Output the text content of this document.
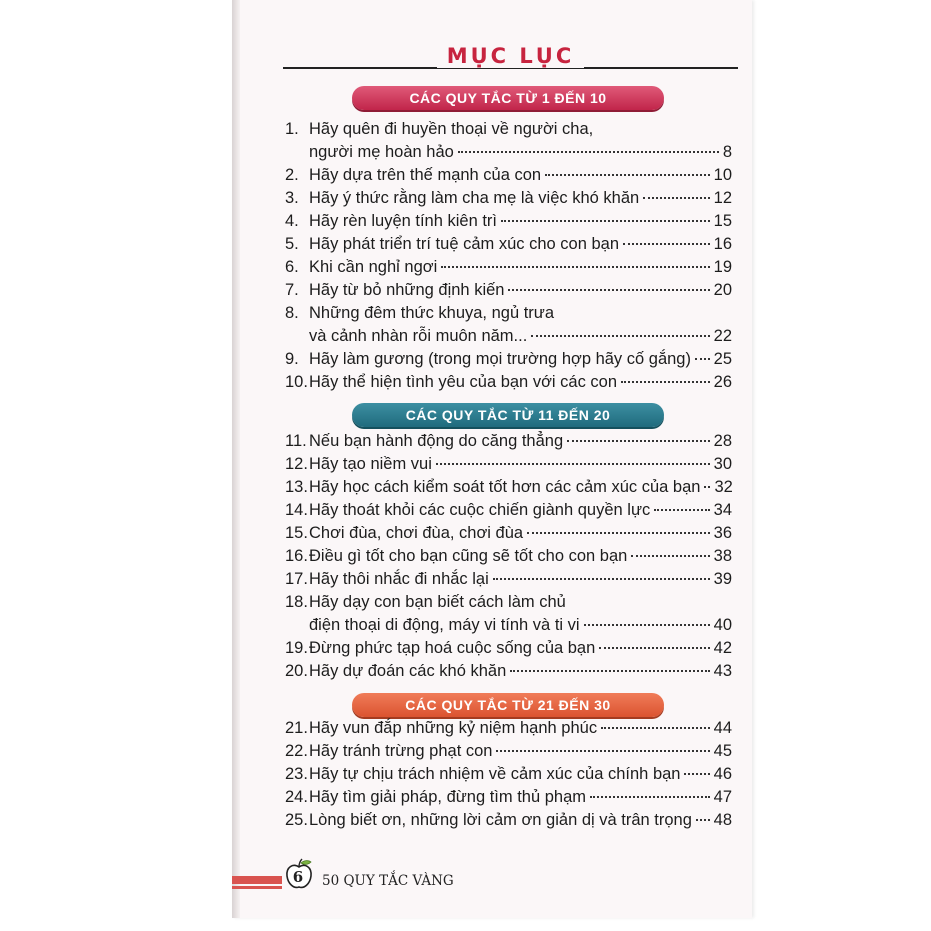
MỤC LỤC
CÁC QUY TẮC TỪ 1 ĐẾN 10
1. Hãy quên đi huyền thoại về người cha,
người mẹ hoàn hảo	8
2. Hãy dựa trên thế mạnh của con	10
3. Hãy ý thức rằng làm cha mẹ là việc khó khăn	12
4. Hãy rèn luyện tính kiên trì	15
5. Hãy phát triển trí tuệ cảm xúc cho con bạn	16
6. Khi cần nghỉ ngơi	19
7. Hãy từ bỏ những định kiến	20
8. Những đêm thức khuya, ngủ trưa
và cảnh nhàn rỗi muôn năm...	22
9. Hãy làm gương (trong mọi trường hợp hãy cố gắng) 25
10. Hãy thể hiện tình yêu của bạn với các con	26
CÁC QUY TẮC TỪ 11 ĐẾN 20
11. Nếu bạn hành động do căng thẳng	28
12. Hãy tạo niềm vui	30
13. Hãy học cách kiểm soát tốt hơn các cảm xúc của bạn 32
14. Hãy thoát khỏi các cuộc chiến giành quyền lực	34
15. Chơi đùa, chơi đùa, chơi đùa	36
16. Điều gì tốt cho bạn cũng sẽ tốt cho con bạn	38
17. Hãy thôi nhắc đi nhắc lại	39
18. Hãy dạy con bạn biết cách làm chủ
điện thoại di động, máy vi tính và ti vi	40
19. Đừng phức tạp hoá cuộc sống của bạn	42
20. Hãy dự đoán các khó khăn	43
CÁC QUY TẮC TỪ 21 ĐẾN 30
21. Hãy vun đắp những kỷ niệm hạnh phúc	44
22. Hãy tránh trừng phạt con	45
23. Hãy tự chịu trách nhiệm về cảm xúc của chính bạn 46
24. Hãy tìm giải pháp, đừng tìm thủ phạm	47
25. Lòng biết ơn, những lời cảm ơn giản dị và trân trọng 48
6	50 QUY TẮC VÀNG
